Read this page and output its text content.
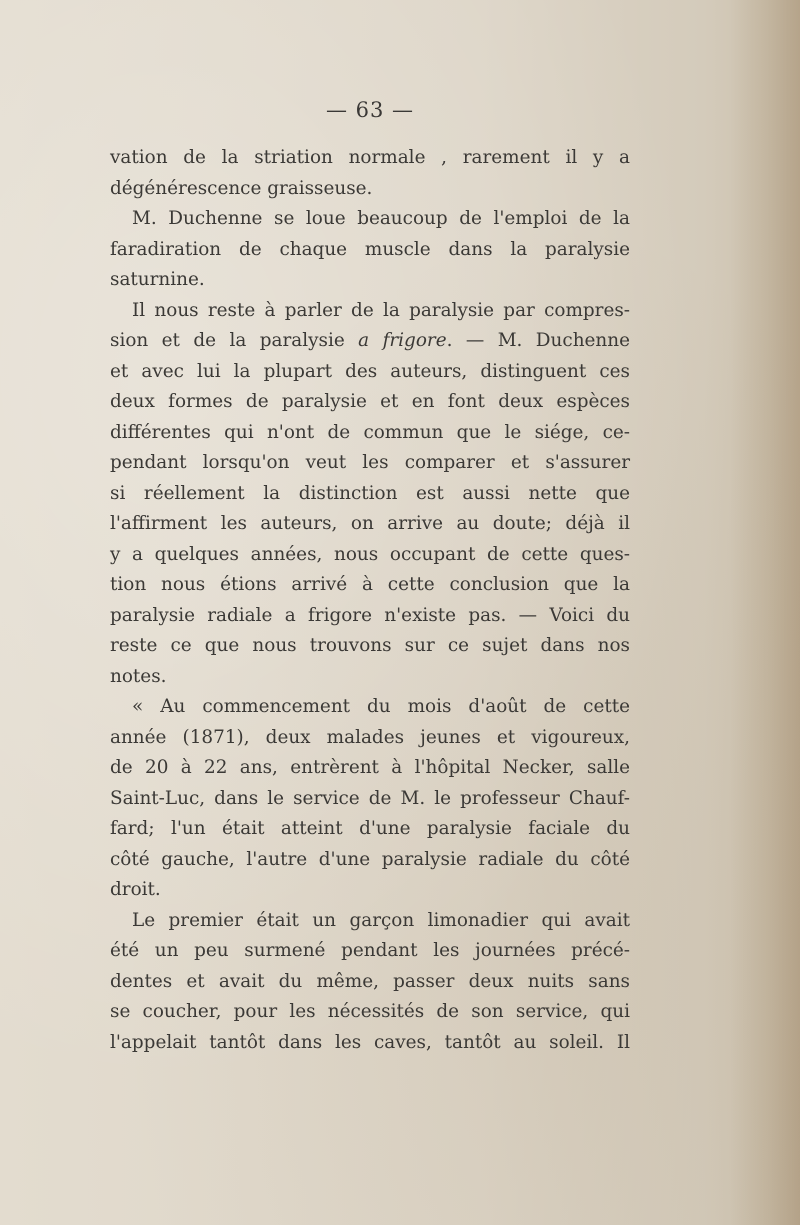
— 63 —
vation de la striation normale , rarement il y a
dégénérescence graisseuse.
M. Duchenne se loue beaucoup de l'emploi de la
faradiration de chaque muscle dans la paralysie
saturnine.
Il nous reste à parler de la paralysie par compres-
sion et de la paralysie a frigore. — M. Duchenne
et avec lui la plupart des auteurs, distinguent ces
deux formes de paralysie et en font deux espèces
différentes qui n'ont de commun que le siége, ce-
pendant lorsqu'on veut les comparer et s'assurer
si réellement la distinction est aussi nette que
l'affirment les auteurs, on arrive au doute; déjà il
y a quelques années, nous occupant de cette ques-
tion nous étions arrivé à cette conclusion que la
paralysie radiale a frigore n'existe pas. — Voici du
reste ce que nous trouvons sur ce sujet dans nos
notes.
« Au commencement du mois d'août de cette
année (1871), deux malades jeunes et vigoureux,
de 20 à 22 ans, entrèrent à l'hôpital Necker, salle
Saint-Luc, dans le service de M. le professeur Chauf-
fard; l'un était atteint d'une paralysie faciale du
côté gauche, l'autre d'une paralysie radiale du côté
droit.
Le premier était un garçon limonadier qui avait
été un peu surmené pendant les journées précé-
dentes et avait du même, passer deux nuits sans
se coucher, pour les nécessités de son service, qui
l'appelait tantôt dans les caves, tantôt au soleil. Il
